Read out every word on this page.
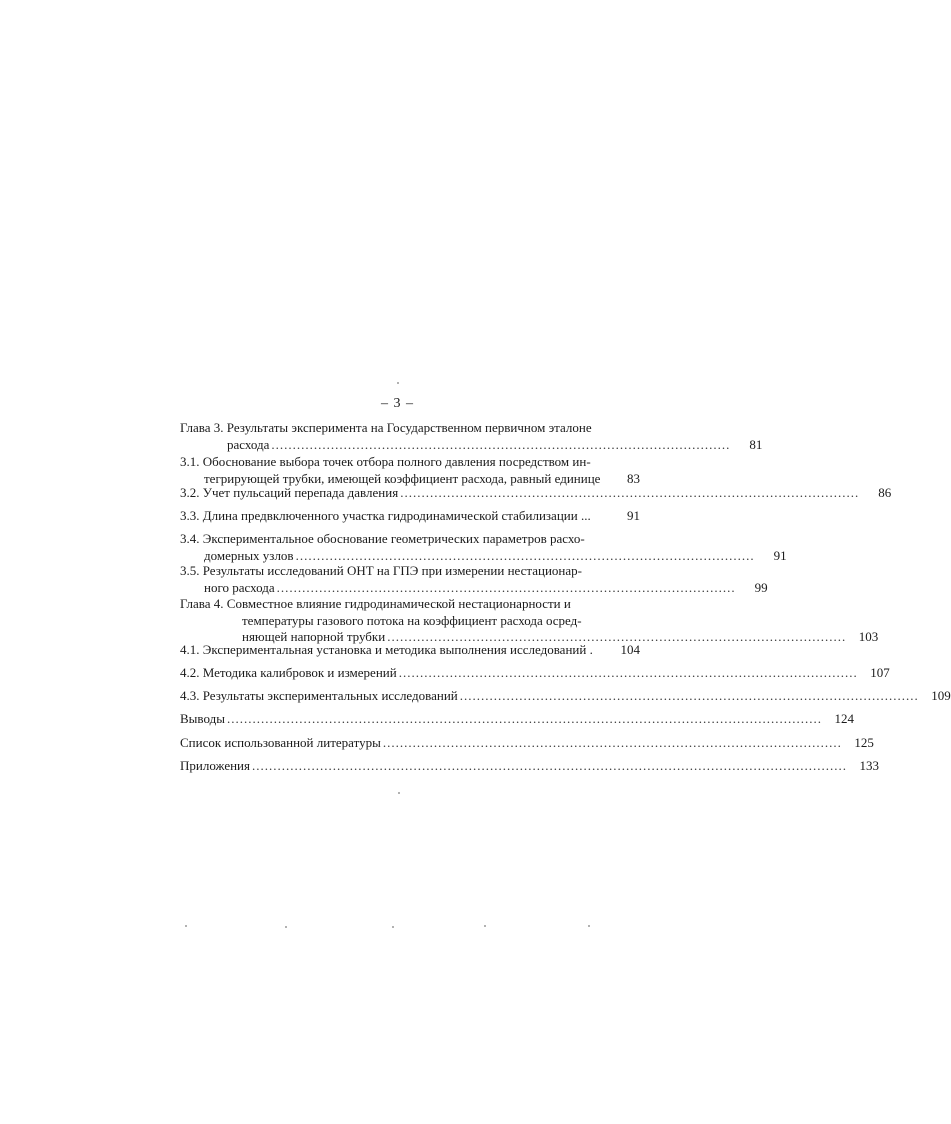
– 3 –
Глава 3. Результаты эксперимента на Государственном первичном эталоне
расхода ............................................................................................................	81
3.1. Обоснование выбора точек отбора полного давления посредством ин-
тегрирующей трубки, имеющей коэффициент расхода, равный единице	83
3.2. Учет пульсаций перепада давления ............................................................................................................	86
3.3. Длина предвключенного участка гидродинамической стабилизации ...	91
3.4. Экспериментальное обоснование геометрических параметров расхо-
домерных узлов ............................................................................................................	91
3.5. Результаты исследований ОНТ на ГПЭ при измерении нестационар-
ного расхода ............................................................................................................	99
Глава 4. Совместное влияние гидродинамической нестационарности и
температуры газового потока на коэффициент расхода осред-
няющей напорной трубки ............................................................................................................ 103
4.1. Экспериментальная установка и методика выполнения исследований .	104
4.2. Методика калибровок и измерений ............................................................................................................ 107
4.3. Результаты экспериментальных исследований ............................................................................................................ 109
Выводы ............................................................................................................................................ 124
Список использованной литературы ............................................................................................................ 125
Приложения ............................................................................................................................................ 133
